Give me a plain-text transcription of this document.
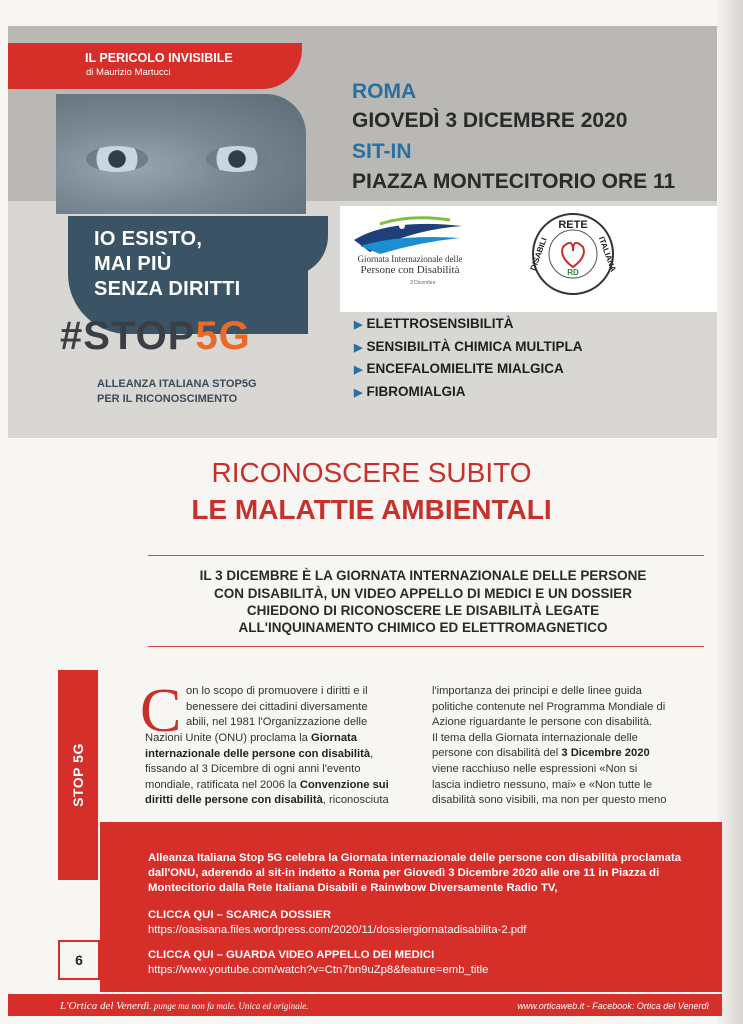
IL PERICOLO INVISIBILE
di Maurizio Martucci
IO ESISTO,
MAI PIÙ
SENZA DIRITTI
#STOP5G
ALLEANZA ITALIANA STOP5G
PER IL RICONOSCIMENTO
ROMA
GIOVEDÌ 3 DICEMBRE 2020
SIT-IN
PIAZZA MONTECITORIO ORE 11
Giornata Internazionale delle
Persone con Disabilità
3 Dicembre
RETE
ITALIANA
DISABILI
RD
▶ ELETTROSENSIBILITÀ
▶ SENSIBILITÀ CHIMICA MULTIPLA
▶ ENCEFALOMIELITE MIALGICA
▶ FIBROMIALGIA
RICONOSCERE SUBITO
LE MALATTIE AMBIENTALI
IL 3 DICEMBRE È LA GIORNATA INTERNAZIONALE DELLE PERSONE
CON DISABILITÀ, UN VIDEO APPELLO DI MEDICI E UN DOSSIER
CHIEDONO DI RICONOSCERE LE DISABILITÀ LEGATE
ALL'INQUINAMENTO CHIMICO ED ELETTROMAGNETICO
STOP 5G
C on lo scopo di promuovere i diritti e il

benessere dei cittadini diversamente

abili, nel 1981 l'Organizzazione delle

Nazioni Unite (ONU) proclama la Giornata

internazionale delle persone con disabilità,

fissando al 3 Dicembre di ogni anni l'evento

mondiale, ratificata nel 2006 la Convenzione sui

diritti delle persone con disabilità, riconosciuta

l'importanza dei principi e delle linee guida

politiche contenute nel Programma Mondiale di

Azione riguardante le persone con disabilità.

Il tema della Giornata internazionale delle

persone con disabilità del 3 Dicembre 2020

viene racchiuso nelle espressioni «Non si

lascia indietro nessuno, mai» e «Non tutte le

disabilità sono visibili, ma non per questo meno

Alleanza Italiana Stop 5G celebra la Giornata internazionale delle persone con disabilità proclamata
dall'ONU, aderendo al sit-in indetto a Roma per Giovedì 3 Dicembre 2020 alle ore 11 in Piazza di
Montecitorio dalla Rete Italiana Disabili e Rainwbow Diversamente Radio TV,
CLICCA QUI – SCARICA DOSSIER
https://oasisana.files.wordpress.com/2020/11/dossiergiornatadisabilita-2.pdf
CLICCA QUI – GUARDA VIDEO APPELLO DEI MEDICI
https://www.youtube.com/watch?v=Ctn7bn9uZp8&feature=emb_title
6
L'Ortica del Venerdì. punge ma non fa male. Unica ed originale.	www.orticaweb.it - Facebook: Ortica del Venerdì
